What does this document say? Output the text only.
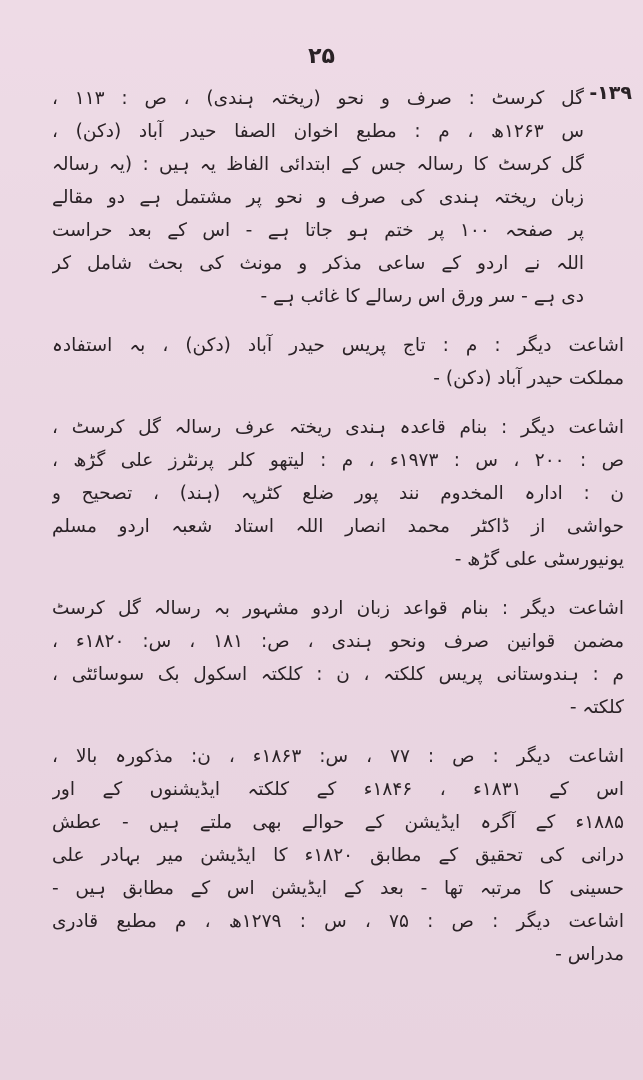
۲۵
۱۳۹-
گل کرسٹ : صرف و نحو (ریختہ ہندی) ، ص : ۱۱۳ ،
س ۱۲۶۳ھ ، م : مطبع اخوان الصفا حیدر آباد (دکن) ،
گل کرسٹ کا رسالہ جس کے ابتدائی الفاظ یہ ہیں : (یہ رسالہ
زبان ریختہ ہندی کی صرف و نحو پر مشتمل ہے دو مقالے
پر صفحہ ۱۰۰ پر ختم ہو جاتا ہے - اس کے بعد حراست
اللہ نے اردو کے ساعی مذکر و مونث کی بحث شامل کر
دی ہے - سر ورق اس رسالے کا غائب ہے -
اشاعت دیگر : م : تاج پریس حیدر آباد (دکن) ، بہ استفادہ
مملکت حیدر آباد (دکن) -
اشاعت دیگر : بنام قاعدہ ہندی ریختہ عرف رسالہ گل کرسٹ ،
ص : ۲۰۰ ، س : ۱۹۷۳ء ، م : لیتھو کلر پرنٹرز علی گڑھ ،
ن : ادارہ المخدوم نند پور ضلع کٹرپہ (ہند) ، تصحیح و
حواشی از ڈاکٹر محمد انصار اللہ استاد شعبہ اردو مسلم
یونیورسٹی علی گڑھ -
اشاعت دیگر : بنام قواعد زبان اردو مشہور بہ رسالہ گل کرسٹ
مضمن قوانین صرف ونحو ہندی ، ص: ۱۸۱ ، س: ۱۸۲۰ء ،
م : ہندوستانی پریس کلکتہ ، ن : کلکتہ اسکول بک سوسائٹی ،
کلکتہ -
اشاعت دیگر : ص : ۷۷ ، س: ۱۸۶۳ء ، ن: مذکورہ بالا ،
اس کے ۱۸۳۱ء ، ۱۸۴۶ء کے کلکتہ ایڈیشنوں کے اور
۱۸۸۵ء کے آگرہ ایڈیشن کے حوالے بھی ملتے ہیں - عطش
درانی کی تحقیق کے مطابق ۱۸۲۰ء کا ایڈیشن میر بہادر علی
حسینی کا مرتبہ تھا - بعد کے ایڈیشن اس کے مطابق ہیں -
اشاعت دیگر : ص : ۷۵ ، س : ۱۲۷۹ھ ، م مطبع قادری
مدراس -
